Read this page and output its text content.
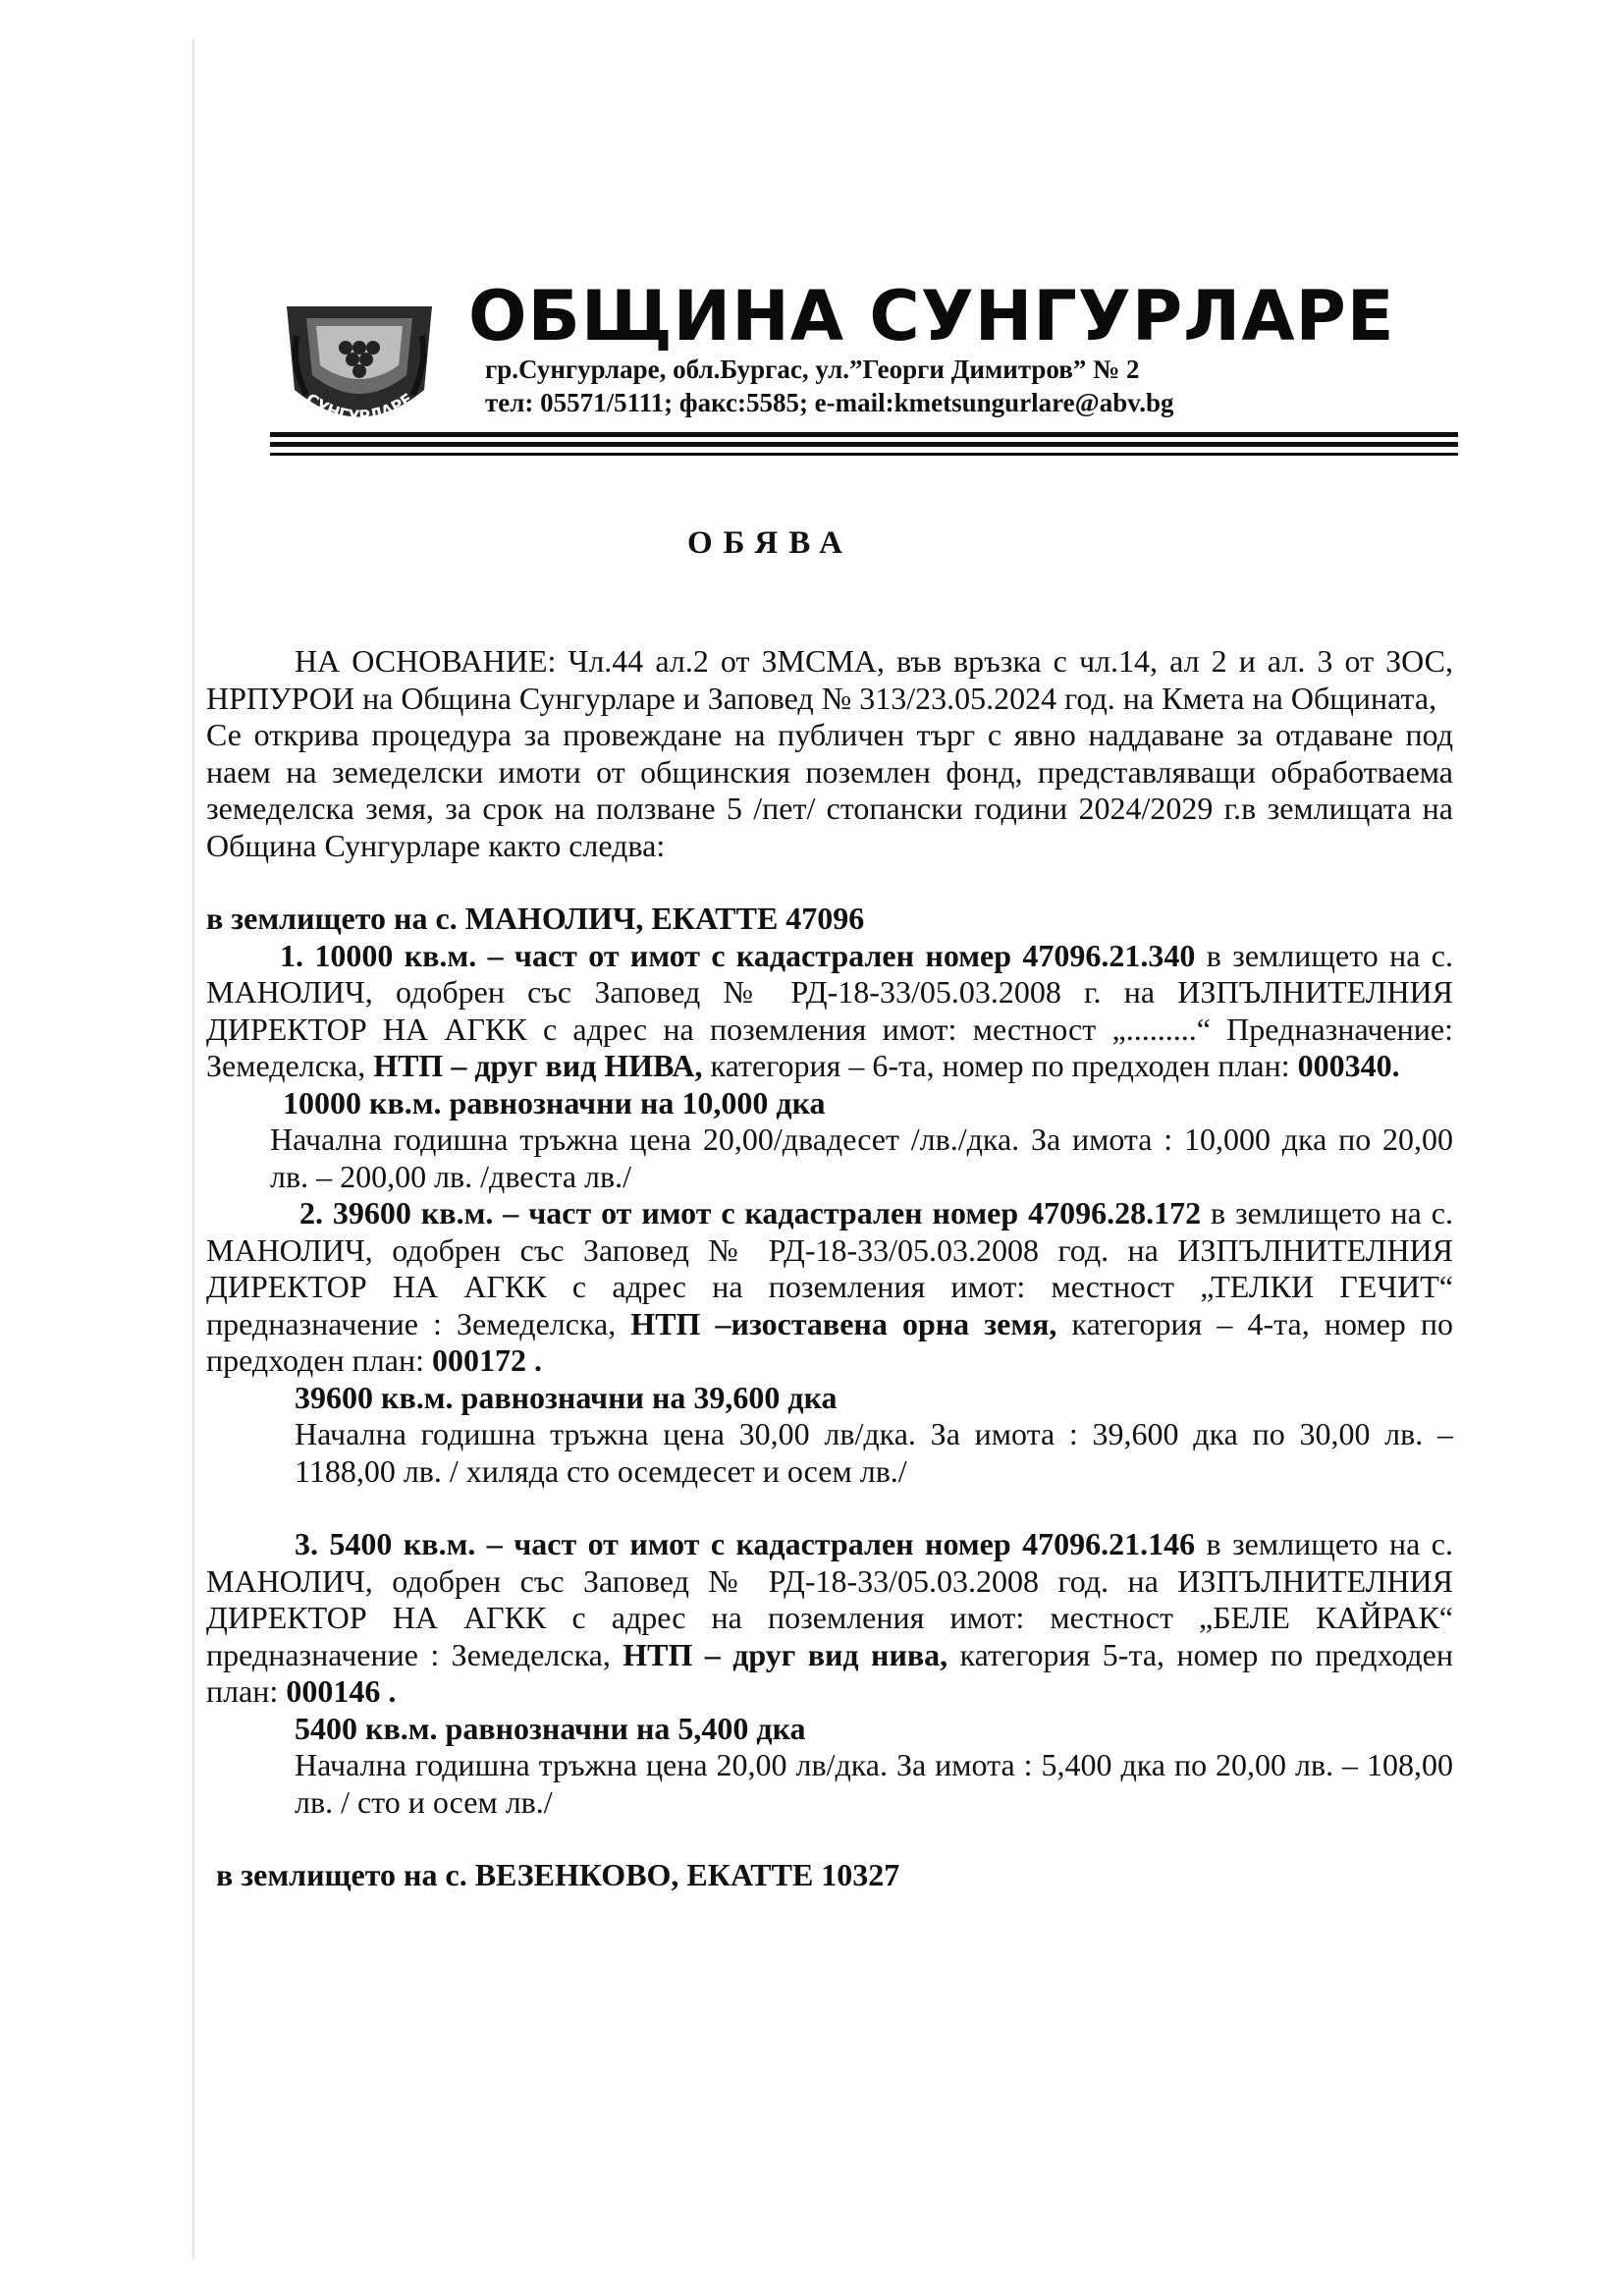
СУНГУРЛАРЕ
ОБЩИНА СУНГУРЛАРЕ
гр.Сунгурларе, обл.Бургас, ул.”Георги Димитров” № 2
тел: 05571/5111; факс:5585; e-mail:kmetsungurlare@abv.bg
ОБЯВА

НА ОСНОВАНИЕ: Чл.44 ал.2 от ЗМСМА, във връзка с чл.14, ал 2 и ал. 3 от ЗОС, НРПУРОИ на Община Сунгурларе и Заповед № 313/23.05.2024 год. на Кмета на Общината,

Се открива процедура за провеждане на публичен търг с явно наддаване за отдаване под наем на земеделски имоти от общинския поземлен фонд, представляващи обработваема земеделска земя, за срок на ползване 5 /пет/ стопански години 2024/2029 г.в землищата на Община Сунгурларе както следва:

в землището на с. МАНОЛИЧ, ЕКАТТЕ 47096

1. 10000 кв.м. – част от имот с кадастрален номер 47096.21.340 в землището на с. МАНОЛИЧ, одобрен със Заповед № РД-18-33/05.03.2008 г. на ИЗПЪЛНИТЕЛНИЯ ДИРЕКТОР НА АГКК с адрес на поземления имот: местност „.........“ Предназначение: Земеделска, НТП – друг вид НИВА, категория – 6-та, номер по предходен план: 000340.

10000 кв.м. равнозначни на 10,000 дка

Начална годишна тръжна цена 20,00/двадесет /лв./дка. За имота : 10,000 дка по 20,00 лв. – 200,00 лв. /двеста лв./

2. 39600 кв.м. – част от имот с кадастрален номер 47096.28.172 в землището на с. МАНОЛИЧ, одобрен със Заповед № РД-18-33/05.03.2008 год. на ИЗПЪЛНИТЕЛНИЯ ДИРЕКТОР НА АГКК с адрес на поземления имот: местност „ТЕЛКИ ГЕЧИТ“ предназначение : Земеделска, НТП –изоставена орна земя, категория – 4-та, номер по предходен план: 000172 .

39600 кв.м. равнозначни на 39,600 дка

Начална годишна тръжна цена 30,00 лв/дка. За имота : 39,600 дка по 30,00 лв. – 1188,00 лв. / хиляда сто осемдесет и осем лв./

3. 5400 кв.м. – част от имот с кадастрален номер 47096.21.146 в землището на с. МАНОЛИЧ, одобрен със Заповед № РД-18-33/05.03.2008 год. на ИЗПЪЛНИТЕЛНИЯ ДИРЕКТОР НА АГКК с адрес на поземления имот: местност „БЕЛЕ КАЙРАК“ предназначение : Земеделска, НТП – друг вид нива, категория 5-та, номер по предходен план: 000146 .

5400 кв.м. равнозначни на 5,400 дка

Начална годишна тръжна цена 20,00 лв/дка. За имота : 5,400 дка по 20,00 лв. – 108,00 лв. / сто и осем лв./

в землището на с. ВЕЗЕНКОВО, ЕКАТТЕ 10327
